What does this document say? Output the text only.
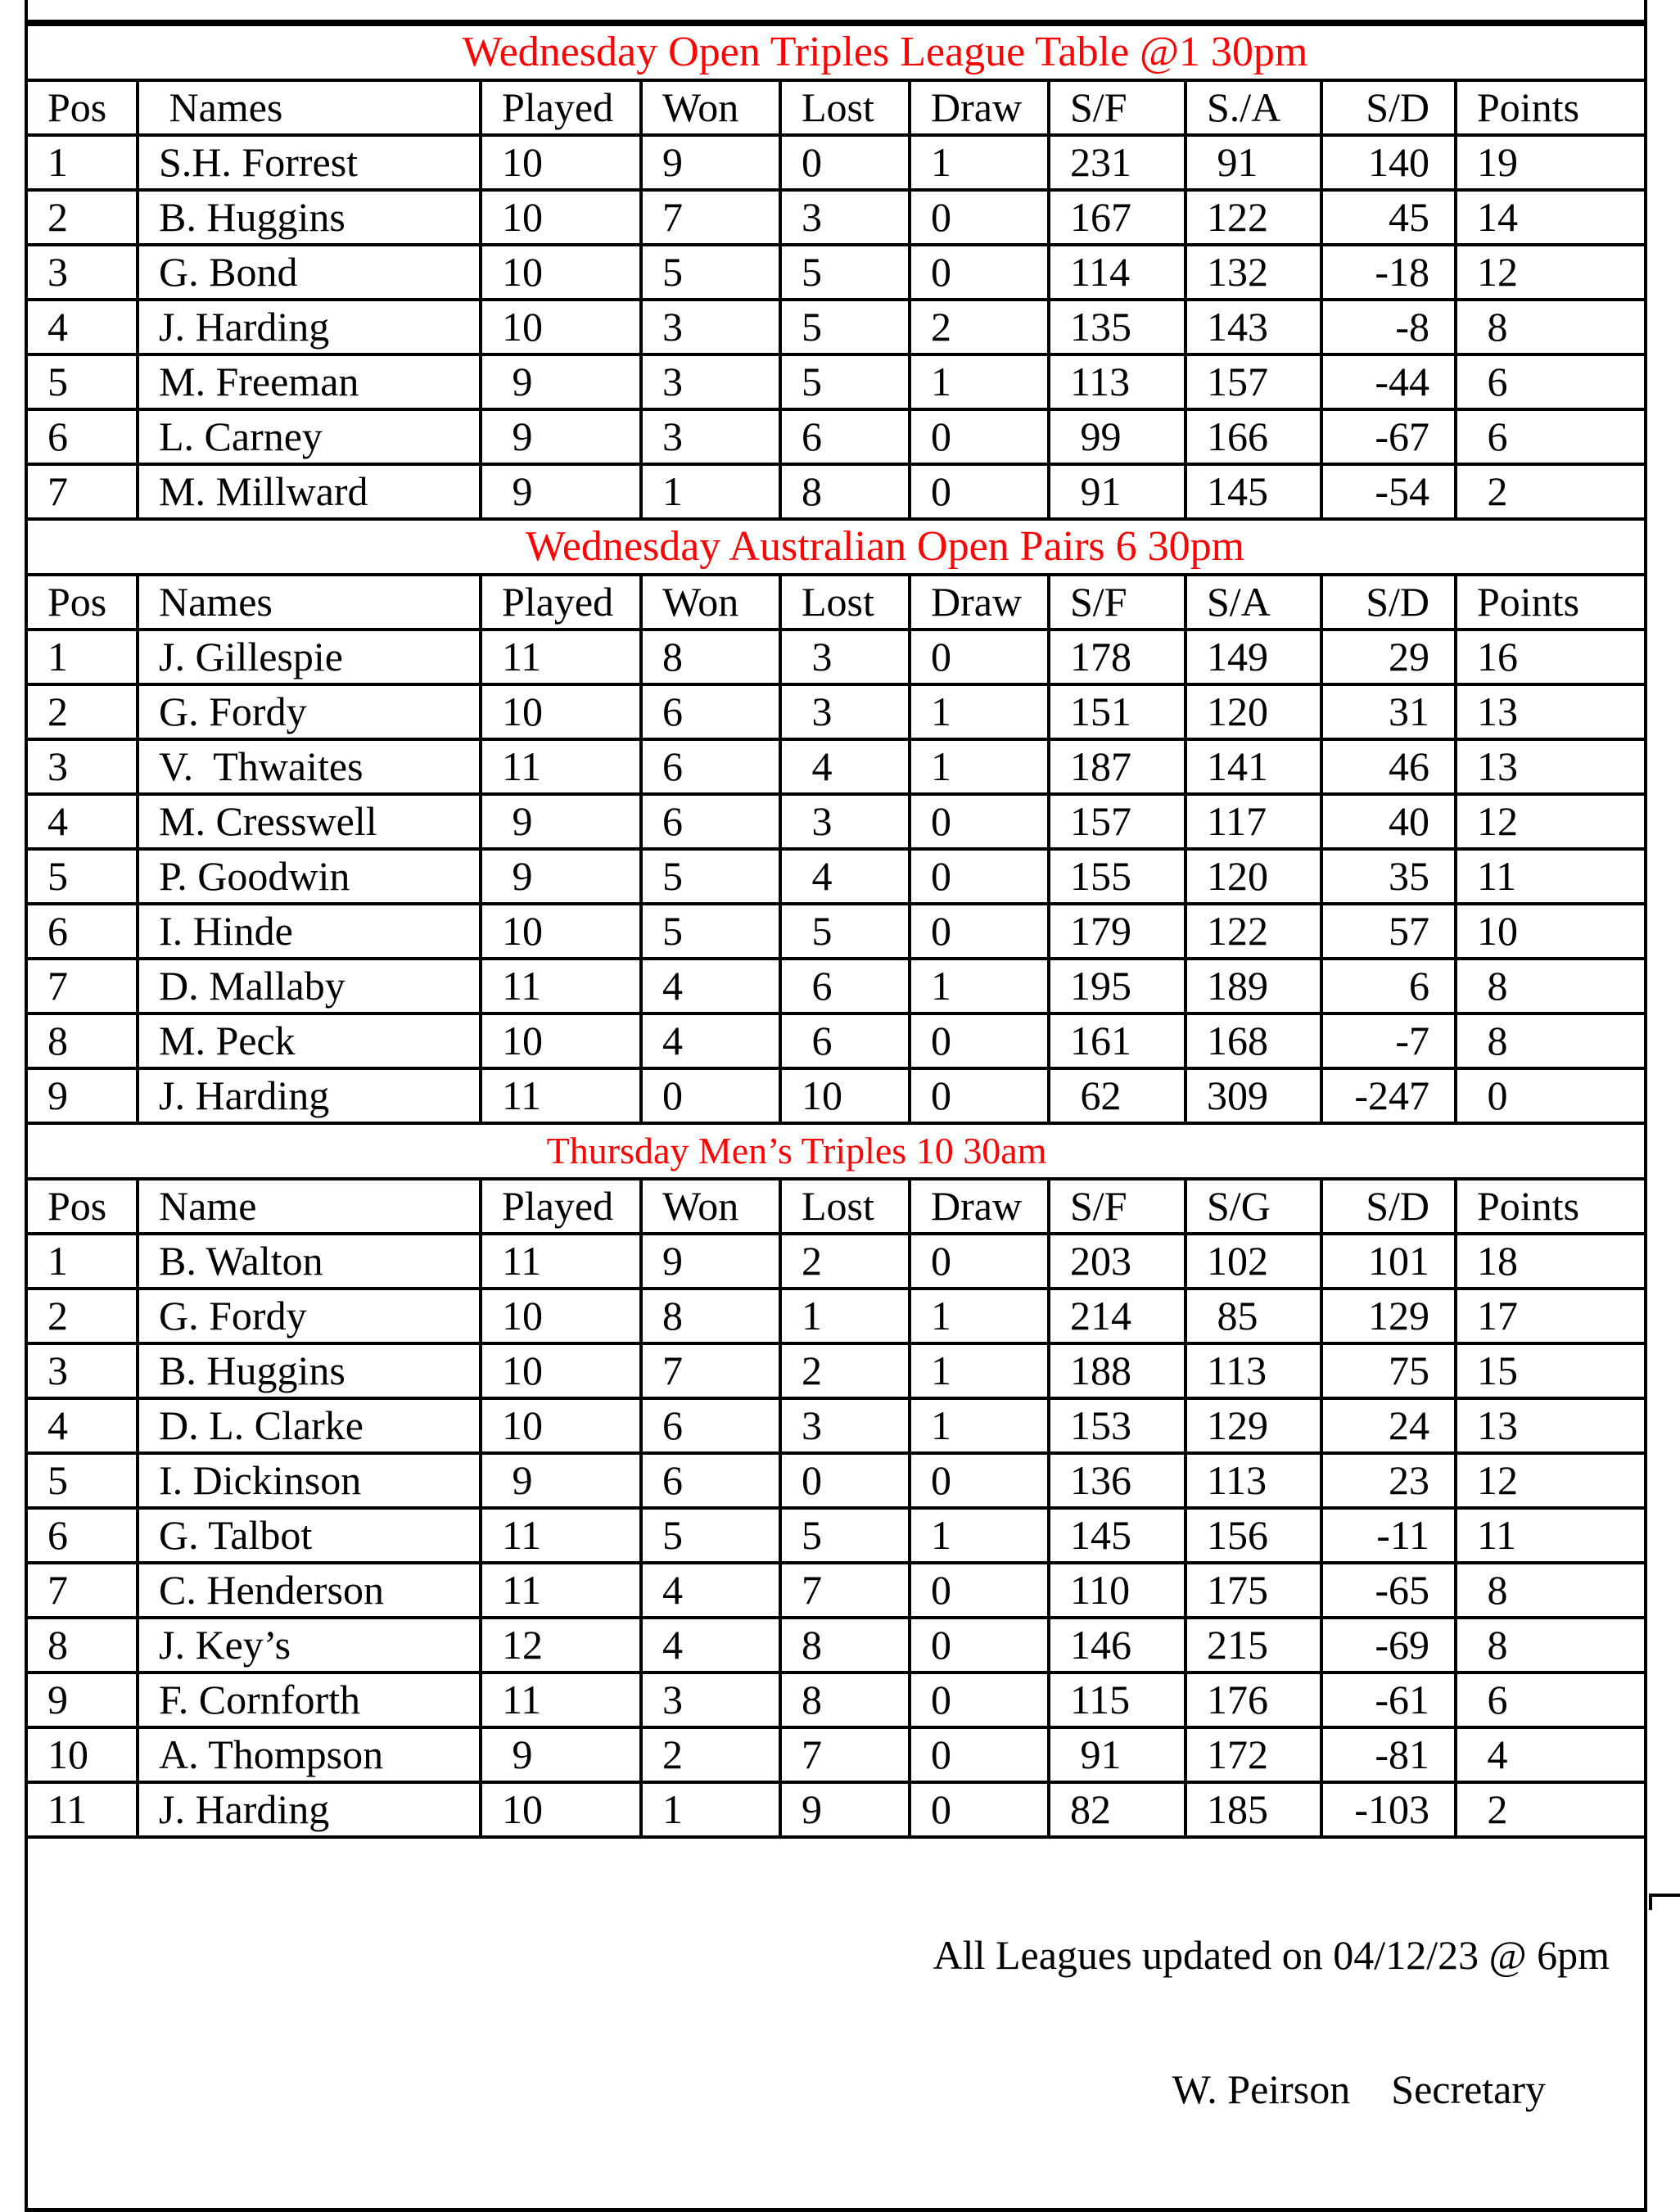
Wednesday Open Triples League Table @1 30pm									
Pos	Names	Played	Won	Lost	Draw	S/F	S./A	S/D	Points
1	S.H. Forrest	10	9	0	1	231	91	140	19
2	B. Huggins	10	7	3	0	167	122	45	14
3	G. Bond	10	5	5	0	114	132	-18	12
4	J. Harding	10	3	5	2	135	143	-8	8
5	M. Freeman	9	3	5	1	113	157	-44	6
6	L. Carney	9	3	6	0	99	166	-67	6
7	M. Millward	9	1	8	0	91	145	-54	2
Wednesday Australian Open Pairs 6 30pm									
Pos	Names	Played	Won	Lost	Draw	S/F	S/A	S/D	Points
1	J. Gillespie	11	8	3	0	178	149	29	16
2	G. Fordy	10	6	3	1	151	120	31	13
3	V.  Thwaites	11	6	4	1	187	141	46	13
4	M. Cresswell	9	6	3	0	157	117	40	12
5	P. Goodwin	9	5	4	0	155	120	35	11
6	I. Hinde	10	5	5	0	179	122	57	10
7	D. Mallaby	11	4	6	1	195	189	6	8
8	M. Peck	10	4	6	0	161	168	-7	8
9	J. Harding	11	0	10	0	62	309	-247	0
Thursday Men’s Triples 10 30am									
Pos	Name	Played	Won	Lost	Draw	S/F	S/G	S/D	Points
1	B. Walton	11	9	2	0	203	102	101	18
2	G. Fordy	10	8	1	1	214	85	129	17
3	B. Huggins	10	7	2	1	188	113	75	15
4	D. L. Clarke	10	6	3	1	153	129	24	13
5	I. Dickinson	9	6	0	0	136	113	23	12
6	G. Talbot	11	5	5	1	145	156	-11	11
7	C. Henderson	11	4	7	0	110	175	-65	8
8	J. Key’s	12	4	8	0	146	215	-69	8
9	F. Cornforth	11	3	8	0	115	176	-61	6
10	A. Thompson	9	2	7	0	91	172	-81	4
11	J. Harding	10	1	9	0	82	185	-103	2

All Leagues updated on 04/12/23 @ 6pm

W. Peirson    Secretary									
